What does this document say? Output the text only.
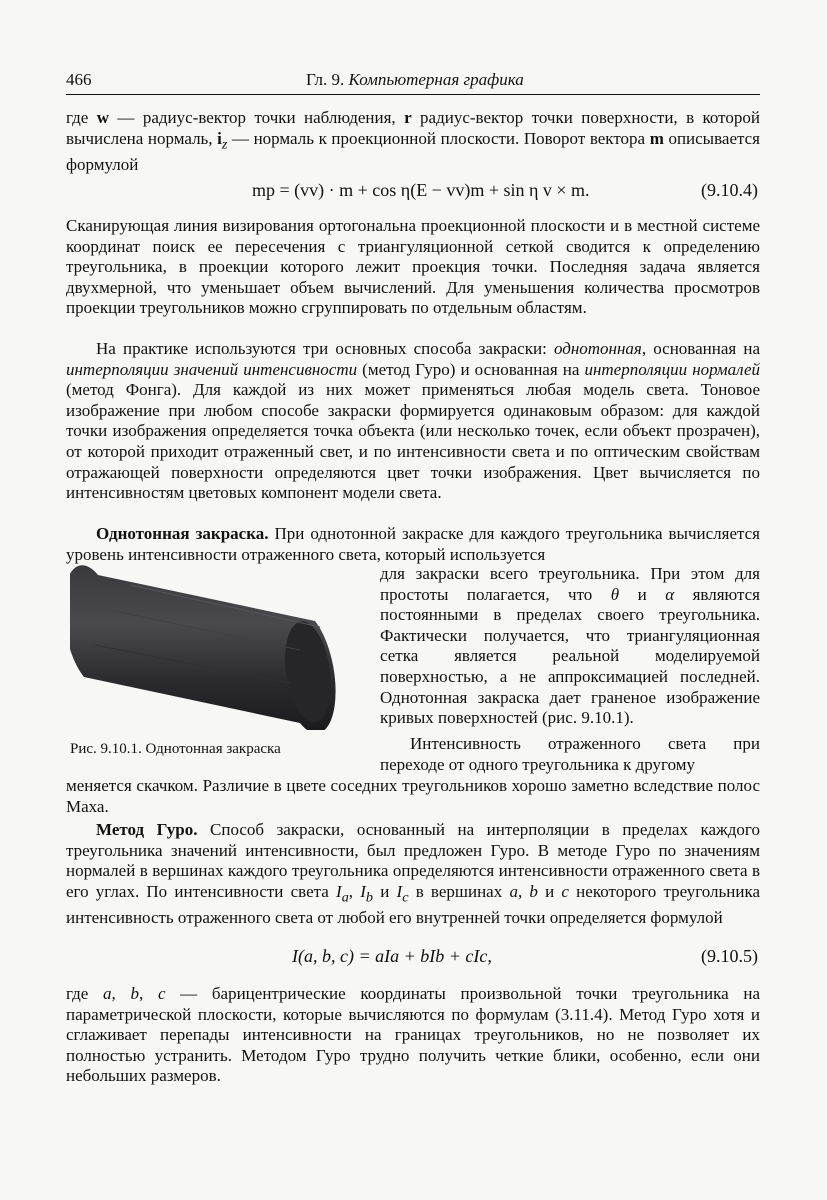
466	Гл. 9. Компьютерная графика

где w — радиус-вектор точки наблюдения, r радиус-вектор точки поверхности, в которой вычислена нормаль, $i_z$ — нормаль к проекционной плоскости. Поворот вектора m описывается формулой

mp = (vv) · m + cos η(E − vv)m + sin η v × m.	(9.10.4)

Сканирующая линия визирования ортогональна проекционной плоскости и в местной системе координат поиск ее пересечения с триангуляционной сеткой сводится к определению треугольника, в проекции которого лежит проекция точки. Последняя задача является двухмерной, что уменьшает объем вычислений. Для уменьшения количества просмотров проекции треугольников можно сгруппировать по отдельным областям.

На практике используются три основных способа закраски: однотонная, основанная на интерполяции значений интенсивности (метод Гуро) и основанная на интерполяции нормалей (метод Фонга). Для каждой из них может применяться любая модель света. Тоновое изображение при любом способе закраски формируется одинаковым образом: для каждой точки изображения определяется точка объекта (или несколько точек, если объект прозрачен), от которой приходит отраженный свет, и по интенсивности света и по оптическим свойствам отражающей поверхности определяются цвет точки изображения. Цвет вычисляется по интенсивностям цветовых компонент модели света.

Однотонная закраска. При однотонной закраске для каждого треугольника вычисляется уровень интенсивности отраженного света, который используется

Рис. 9.10.1. Однотонная закраска

для закраски всего треугольника. При этом для простоты полагается, что θ и α являются постоянными в пределах своего треугольника. Фактически получается, что триангуляционная сетка является реальной моделируемой поверхностью, а не аппроксимацией последней. Однотонная закраска дает граненое изображение кривых поверхностей (рис. 9.10.1).

Интенсивность отраженного света при переходе от одного треугольника к другому

меняется скачком. Различие в цвете соседних треугольников хорошо заметно вследствие полос Маха.

Метод Гуро. Способ закраски, основанный на интерполяции в пределах каждого треугольника значений интенсивности, был предложен Гуро. В методе Гуро по значениям нормалей в вершинах каждого треугольника определяются интенсивности отраженного света в его углах. По интенсивности света $I_a$, $I_b$ и $I_c$ в вершинах a, b и c некоторого треугольника интенсивность отраженного света от любой его внутренней точки определяется формулой

I(a, b, c) = aIa + bIb + cIc,	(9.10.5)

где a, b, c — барицентрические координаты произвольной точки треугольника на параметрической плоскости, которые вычисляются по формулам (3.11.4). Метод Гуро хотя и сглаживает перепады интенсивности на границах треугольников, но не позволяет их полностью устранить. Методом Гуро трудно получить четкие блики, особенно, если они небольших размеров.
